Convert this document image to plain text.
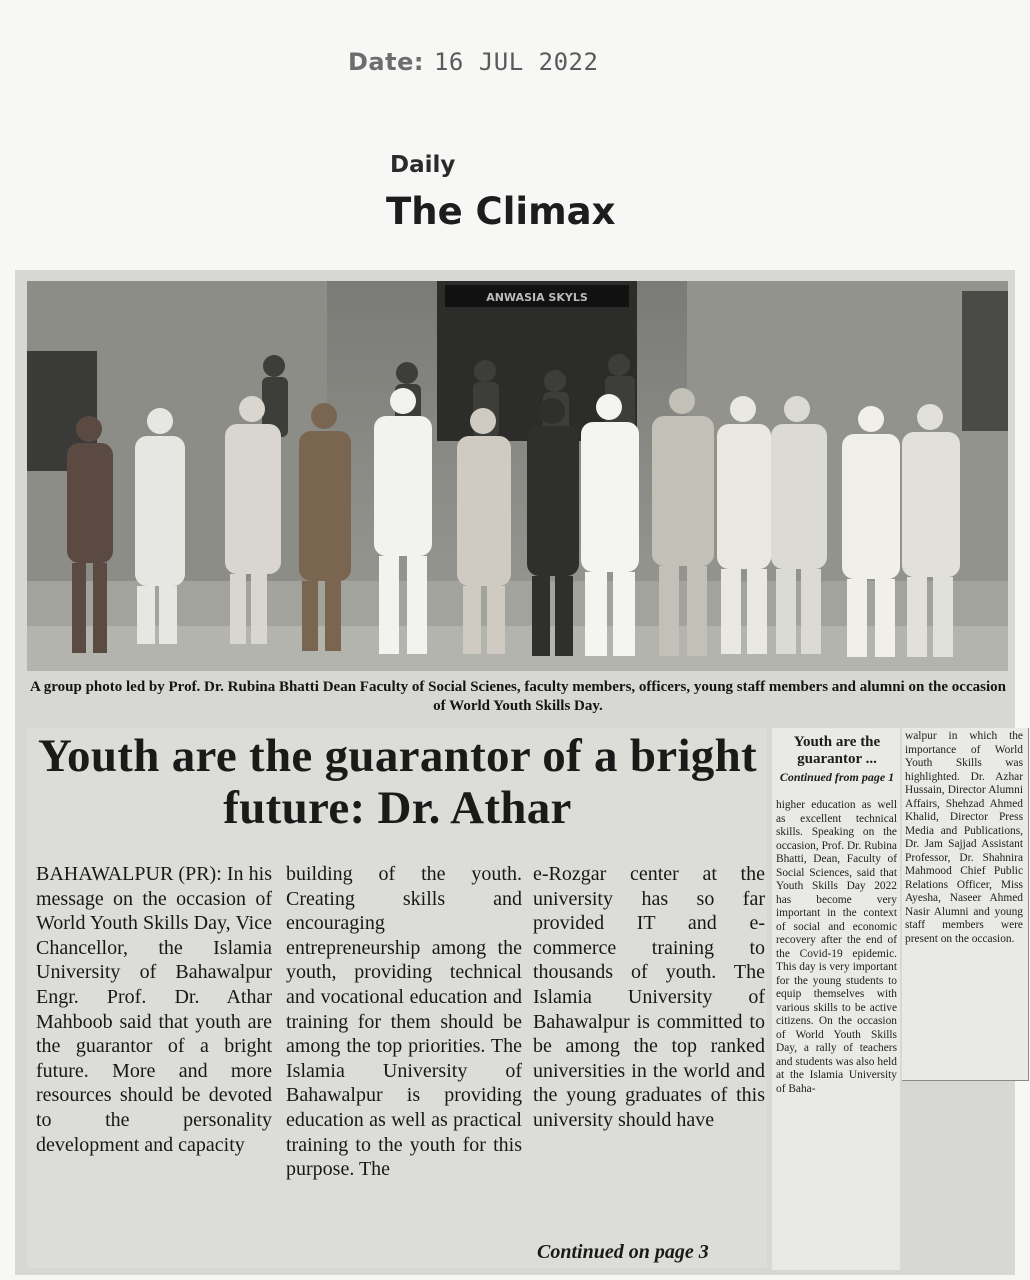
Date: 16 JUL 2022
Daily
The Climax
ANWASIA SKYLS
A group photo led by Prof. Dr. Rubina Bhatti Dean Faculty of Social Scienes, faculty members, officers, young staff members and alumni on the occasion of World Youth Skills Day.
Youth are the guarantor of a bright future: Dr. Athar

BAHAWALPUR (PR): In his message on the occasion of World Youth Skills Day, Vice Chancellor, the Islamia University of Bahawalpur Engr. Prof. Dr. Athar Mahboob said that youth are the guarantor of a bright future. More and more resources should be devoted to the personality development and capacity

building of the youth. Creating skills and encouraging entrepreneurship among the youth, providing technical and vocational education and training for them should be among the top priorities. The Islamia University of Bahawalpur is providing education as well as practical training to the youth for this purpose. The

e-Rozgar center at the university has so far provided IT and e-commerce training to thousands of youth. The Islamia University of Bahawalpur is committed to be among the top ranked universities in the world and the young graduates of this university should have

Continued on page 3
Youth are the guarantor ...
Continued from page 1

higher education as well as excellent technical skills. Speaking on the occasion, Prof. Dr. Rubina Bhatti, Dean, Faculty of Social Sciences, said that Youth Skills Day 2022 has become very important in the context of social and economic recovery after the end of the Covid-19 epidemic. This day is very important for the young students to equip themselves with various skills to be active citizens. On the occasion of World Youth Skills Day, a rally of teachers and students was also held at the Islamia University of Baha-

walpur in which the importance of World Youth Skills was highlighted. Dr. Azhar Hussain, Director Alumni Affairs, Shehzad Ahmed Khalid, Director Press Media and Publications, Dr. Jam Sajjad Assistant Professor, Dr. Shahnira Mahmood Chief Public Relations Officer, Miss Ayesha, Naseer Ahmed Nasir Alumni and young staff members were present on the occasion.
